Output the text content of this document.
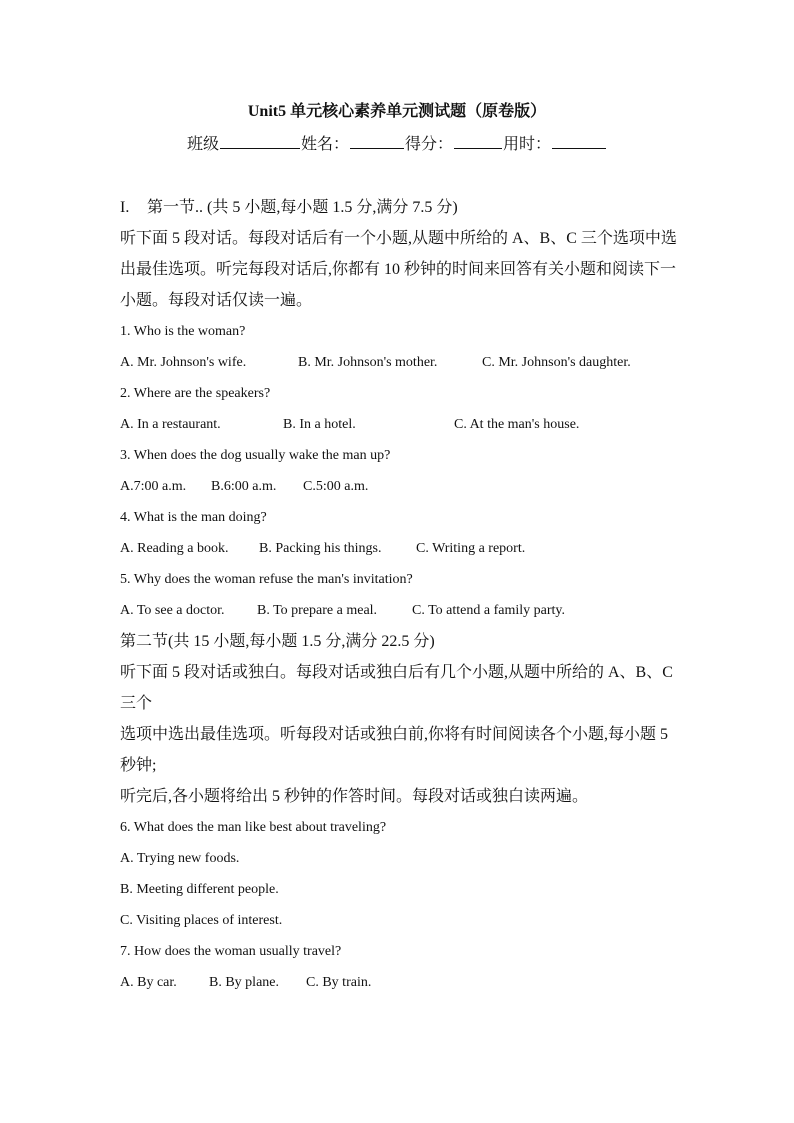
Unit5 单元核心素养单元测试题（原卷版）
班级	姓名：	得分：	用时：
I. 第一节.. (共 5 小题,每小题 1.5 分,满分 7.5 分)
听下面 5 段对话。每段对话后有一个小题,从题中所给的 A、B、C 三个选项中选
出最佳选项。听完每段对话后,你都有 10 秒钟的时间来回答有关小题和阅读下一
小题。每段对话仅读一遍。
1. Who is the woman?
A. Mr. Johnson's wife.	B. Mr. Johnson's mother.	C. Mr. Johnson's daughter.
2. Where are the speakers?
A. In a restaurant.	B. In a hotel.	C. At the man's house.
3. When does the dog usually wake the man up?
A.7:00 a.m. B.6:00 a.m. C.5:00 a.m.
4. What is the man doing?
A. Reading a book. B. Packing his things. C. Writing a report.
5. Why does the woman refuse the man's invitation?
A. To see a doctor. B. To prepare a meal. C. To attend a family party.
第二节(共 15 小题,每小题 1.5 分,满分 22.5 分)
听下面 5 段对话或独白。每段对话或独白后有几个小题,从题中所给的 A、B、C
三个
选项中选出最佳选项。听每段对话或独白前,你将有时间阅读各个小题,每小题 5
秒钟;
听完后,各小题将给出 5 秒钟的作答时间。每段对话或独白读两遍。
6. What does the man like best about traveling?
A. Trying new foods.
B. Meeting different people.
C. Visiting places of interest.
7. How does the woman usually travel?
A. By car. B. By plane. C. By train.
